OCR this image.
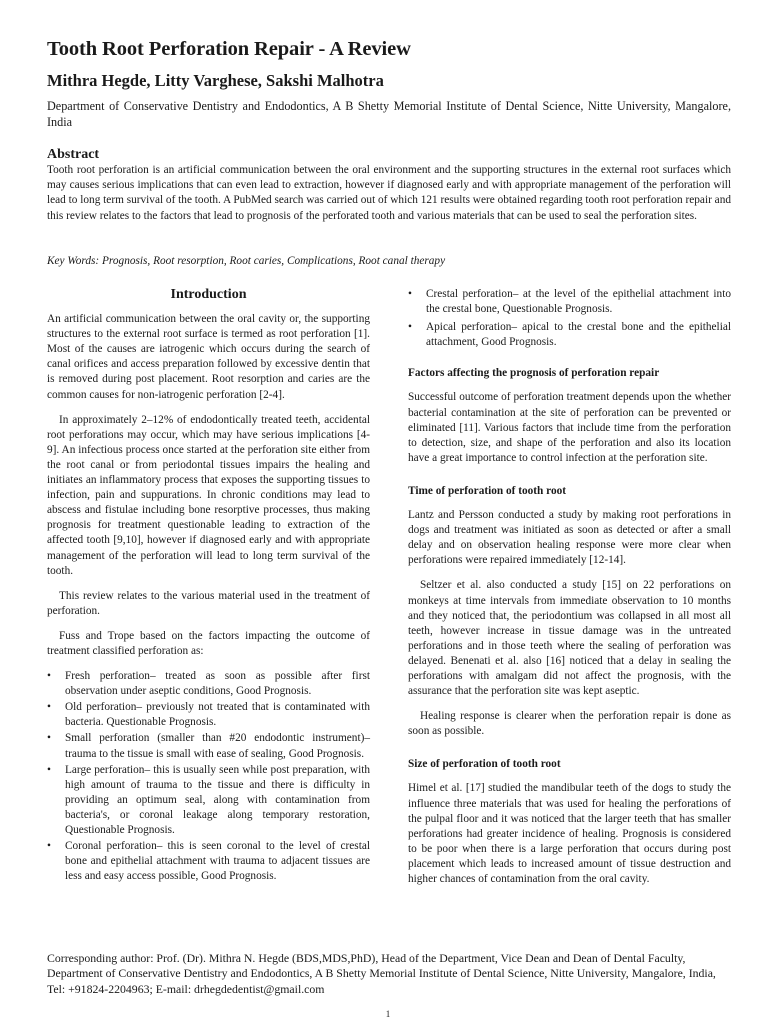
Tooth Root Perforation Repair - A Review

Mithra Hegde, Litty Varghese, Sakshi Malhotra

Department of Conservative Dentistry and Endodontics, A B Shetty Memorial Institute of Dental Science, Nitte University, Mangalore, India

Abstract

Tooth root perforation is an artificial communication between the oral environment and the supporting structures in the external root surfaces which may causes serious implications that can even lead to extraction, however if diagnosed early and with appropriate management of the perforation will lead to long term survival of the tooth. A PubMed search was carried out of which 121 results were obtained regarding tooth root perforation repair and this review relates to the factors that lead to prognosis of the perforated tooth and various materials that can be used to seal the perforation sites.

Key Words: Prognosis, Root resorption, Root caries, Complications, Root canal therapy

Introduction

An artificial communication between the oral cavity or, the supporting structures to the external root surface is termed as root perforation [1]. Most of the causes are iatrogenic which occurs during the search of canal orifices and access preparation followed by excessive dentin that is removed during post placement. Root resorption and caries are the common causes for non-iatrogenic perforation [2-4].

In approximately 2–12% of endodontically treated teeth, accidental root perforations may occur, which may have serious implications [4-9]. An infectious process once started at the perforation site either from the root canal or from periodontal tissues impairs the healing and initiates an inflammatory process that exposes the supporting tissues to infection, pain and suppurations. In chronic conditions may lead to abscess and fistulae including bone resorptive processes, thus making prognosis for treatment questionable leading to extraction of the affected tooth [9,10], however if diagnosed early and with appropriate management of the perforation will lead to long term survival of the tooth.

This review relates to the various material used in the treatment of perforation.

Fuss and Trope based on the factors impacting the outcome of treatment classified perforation as:

• Fresh perforation– treated as soon as possible after first observation under aseptic conditions, Good Prognosis.
• Old perforation– previously not treated that is contaminated with bacteria. Questionable Prognosis.
• Small perforation (smaller than #20 endodontic instrument)– trauma to the tissue is small with ease of sealing, Good Prognosis.
• Large perforation– this is usually seen while post preparation, with high amount of trauma to the tissue and there is difficulty in providing an optimum seal, along with contamination from bacteria's, or coronal leakage along temporary restoration, Questionable Prognosis.
• Coronal perforation– this is seen coronal to the level of crestal bone and epithelial attachment with trauma to adjacent tissues are less and easy access possible, Good Prognosis.
• Crestal perforation– at the level of the epithelial attachment into the crestal bone, Questionable Prognosis.
• Apical perforation– apical to the crestal bone and the epithelial attachment, Good Prognosis.
Factors affecting the prognosis of perforation repair

Successful outcome of perforation treatment depends upon the whether bacterial contamination at the site of perforation can be prevented or eliminated [11]. Various factors that include time from the perforation to detection, size, and shape of the perforation and also its location have a great importance to control infection at the perforation site.

Time of perforation of tooth root

Lantz and Persson conducted a study by making root perforations in dogs and treatment was initiated as soon as detected or after a small delay and on observation healing response were more clear when perforations were repaired immediately [12-14].

Seltzer et al. also conducted a study [15] on 22 perforations on monkeys at time intervals from immediate observation to 10 months and they noticed that, the periodontium was collapsed in all most all teeth, however increase in tissue damage was in the untreated perforations and in those teeth where the sealing of perforation was delayed. Benenati et al. also [16] noticed that a delay in sealing the perforations with amalgam did not affect the prognosis, with the assurance that the perforation site was kept aseptic.

Healing response is clearer when the perforation repair is done as soon as possible.

Size of perforation of tooth root

Himel et al. [17] studied the mandibular teeth of the dogs to study the influence three materials that was used for healing the perforations of the pulpal floor and it was noticed that the larger teeth that has smaller perforations had greater incidence of healing. Prognosis is considered to be poor when there is a large perforation that occurs during post placement which leads to increased amount of tissue destruction and higher chances of contamination from the oral cavity.

Corresponding author: Prof. (Dr). Mithra N. Hegde (BDS,MDS,PhD), Head of the Department, Vice Dean and Dean of Dental Faculty, Department of Conservative Dentistry and Endodontics, A B Shetty Memorial Institute of Dental Science, Nitte University, Mangalore, India, Tel: +91824-2204963; E-mail: drhegdedentist@gmail.com

1
